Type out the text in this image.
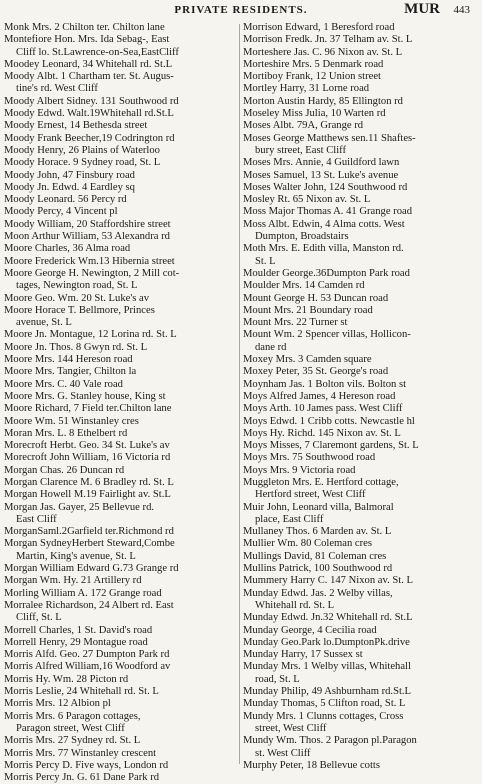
PRIVATE RESIDENTS.	MUR 443
Monk Mrs. 2 Chilton ter. Chilton lane
Montefiore Hon. Mrs. Ida Sebag-, East
Cliff lo. St.Lawrence-on-Sea,EastCliff
Moodey Leonard, 34 Whitehall rd. St.L
Moody Albt. 1 Chartham ter. St. Augus-
tine's rd. West Cliff
Moody Albert Sidney. 131 Southwood rd
Moody Edwd. Walt.19Whitehall rd.St.L
Moody Ernest, 14 Bethesda street
Moody Frank Beecher,19 Codrington rd
Moody Henry, 26 Plains of Waterloo
Moody Horace. 9 Sydney road, St. L
Moody John, 47 Finsbury road
Moody Jn. Edwd. 4 Eardley sq
Moody Leonard. 56 Percy rd
Moody Percy, 4 Vincent pl
Moody William, 20 Staffordshire street
Moon Arthur William, 53 Alexandra rd
Moore Charles, 36 Alma road
Moore Frederick Wm.13 Hibernia street
Moore George H. Newington, 2 Mill cot-
tages, Newington road, St. L
Moore Geo. Wm. 20 St. Luke's av
Moore Horace T. Bellmore, Princes
avenue, St. L
Moore Jn. Montague, 12 Lorina rd. St. L
Moore Jn. Thos. 8 Gwyn rd. St. L
Moore Mrs. 144 Hereson road
Moore Mrs. Tangier, Chilton la
Moore Mrs. C. 40 Vale road
Moore Mrs. G. Stanley house, King st
Moore Richard, 7 Field ter.Chilton lane
Moore Wm. 51 Winstanley cres
Moran Mrs. L. 8 Ethelbert rd
Morecroft Herbt. Geo. 34 St. Luke's av
Morecroft John William, 16 Victoria rd
Morgan Chas. 26 Duncan rd
Morgan Clarence M. 6 Bradley rd. St. L
Morgan Howell M.19 Fairlight av. St.L
Morgan Jas. Gayer, 25 Bellevue rd.
East Cliff
MorganSaml.2Garfield ter.Richmond rd
Morgan SydneyHerbert Steward,Combe
Martin, King's avenue, St. L
Morgan William Edward G.73 Grange rd
Morgan Wm. Hy. 21 Artillery rd
Morling William A. 172 Grange road
Morralee Richardson, 24 Albert rd. East
Cliff, St. L
Morrell Charles, 1 St. David's road
Morrell Henry, 29 Montague road
Morris Alfd. Geo. 27 Dumpton Park rd
Morris Alfred William,16 Woodford av
Morris Hy. Wm. 28 Picton rd
Morris Leslie, 24 Whitehall rd. St. L
Morris Mrs. 12 Albion pl
Morris Mrs. 6 Paragon cottages,
Paragon street, West Cliff
Morris Mrs. 27 Sydney rd. St. L
Morris Mrs. 77 Winstanley crescent
Morris Percy D. Five ways, London rd
Morris Percy Jn. G. 61 Dane Park rd
Morrison Edward, 1 Beresford road
Morrison Fredk. Jn. 37 Telham av. St. L
Morteshere Jas. C. 96 Nixon av. St. L
Morteshire Mrs. 5 Denmark road
Mortiboy Frank, 12 Union street
Mortley Harry, 31 Lorne road
Morton Austin Hardy, 85 Ellington rd
Moseley Miss Julia, 10 Warten rd
Moses Albt. 79A, Grange rd
Moses George Matthews sen.11 Shaftes-
bury street, East Cliff
Moses Mrs. Annie, 4 Guildford lawn
Moses Samuel, 13 St. Luke's avenue
Moses Walter John, 124 Southwood rd
Mosley Rt. 65 Nixon av. St. L
Moss Major Thomas A. 41 Grange road
Moss Albt. Edwin, 4 Alma cotts. West
Dumpton, Broadstairs
Moth Mrs. E. Edith villa, Manston rd.
St. L
Moulder George.36Dumpton Park road
Moulder Mrs. 14 Camden rd
Mount George H. 53 Duncan road
Mount Mrs. 21 Boundary road
Mount Mrs. 22 Turner st
Mount Wm. 2 Spencer villas, Hollicon-
dane rd
Moxey Mrs. 3 Camden square
Moxey Peter, 35 St. George's road
Moynham Jas. 1 Bolton vils. Bolton st
Moys Alfred James, 4 Hereson road
Moys Arth. 10 James pass. West Cliff
Moys Edwd. 1 Cribb cotts. Newcastle hl
Moys Hy. Richd. 145 Nixon av. St. L
Moys Misses, 7 Claremont gardens, St. L
Moys Mrs. 75 Southwood road
Moys Mrs. 9 Victoria road
Muggleton Mrs. E. Hertford cottage,
Hertford street, West Cliff
Muir John, Leonard villa, Balmoral
place, East Cliff
Mullaney Thos. 6 Marden av. St. L
Mullier Wm. 80 Coleman cres
Mullings David, 81 Coleman cres
Mullins Patrick, 100 Southwood rd
Mummery Harry C. 147 Nixon av. St. L
Munday Edwd. Jas. 2 Welby villas,
Whitehall rd. St. L
Munday Edwd. Jn.32 Whitehall rd. St.L
Munday George, 4 Cecilia road
Munday Geo.Park lo.DumptonPk.drive
Munday Harry, 17 Sussex st
Munday Mrs. 1 Welby villas, Whitehall
road, St. L
Munday Philip, 49 Ashburnham rd.St.L
Munday Thomas, 5 Clifton road, St. L
Mundy Mrs. 1 Clunns cottages, Cross
street, West Cliff
Mundy Wm. Thos. 2 Paragon pl.Paragon
st. West Cliff
Murphy Peter, 18 Bellevue cotts
